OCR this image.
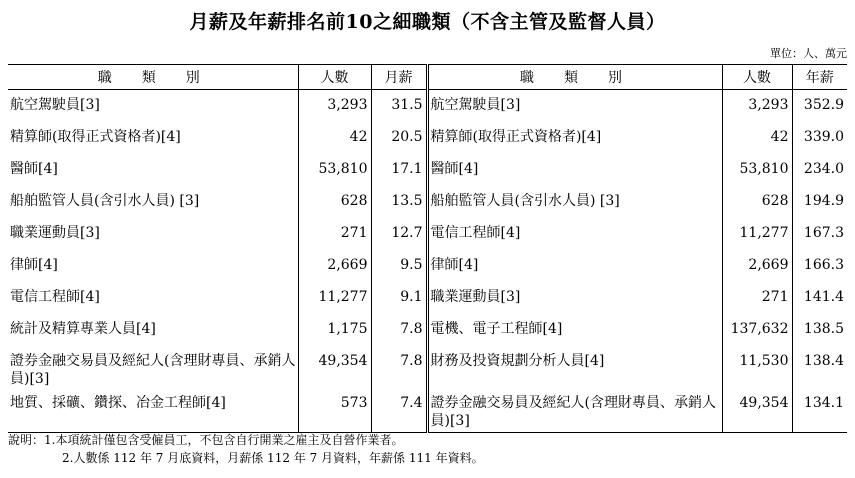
月薪及年薪排名前10之細職類（不含主管及監督人員）
單位：人、萬元
職　類　別	人數	月薪	職　類　別	人數	年薪
航空駕駛員[3]	3,293	31.5	航空駕駛員[3]	3,293	352.9
精算師(取得正式資格者)[4]	42	20.5	精算師(取得正式資格者)[4]	42	339.0
醫師[4]	53,810	17.1	醫師[4]	53,810	234.0
船舶監管人員(含引水人員) [3]	628	13.5	船舶監管人員(含引水人員) [3]	628	194.9
職業運動員[3]	271	12.7	電信工程師[4]	11,277	167.3
律師[4]	2,669	9.5	律師[4]	2,669	166.3
電信工程師[4]	11,277	9.1	職業運動員[3]	271	141.4
統計及精算專業人員[4]	1,175	7.8	電機、電子工程師[4]	137,632	138.5
證券金融交易員及經紀人(含理財專員、承銷人員)[3]	49,354	7.8	財務及投資規劃分析人員[4]	11,530	138.4
地質、採礦、鑽探、冶金工程師[4]	573	7.4	證券金融交易員及經紀人(含理財專員、承銷人員)[3]	49,354	134.1
說明：1.本項統計僅包含受僱員工，不包含自行開業之雇主及自營作業者。
2.人數係 112 年 7 月底資料，月薪係 112 年 7 月資料，年薪係 111 年資料。
